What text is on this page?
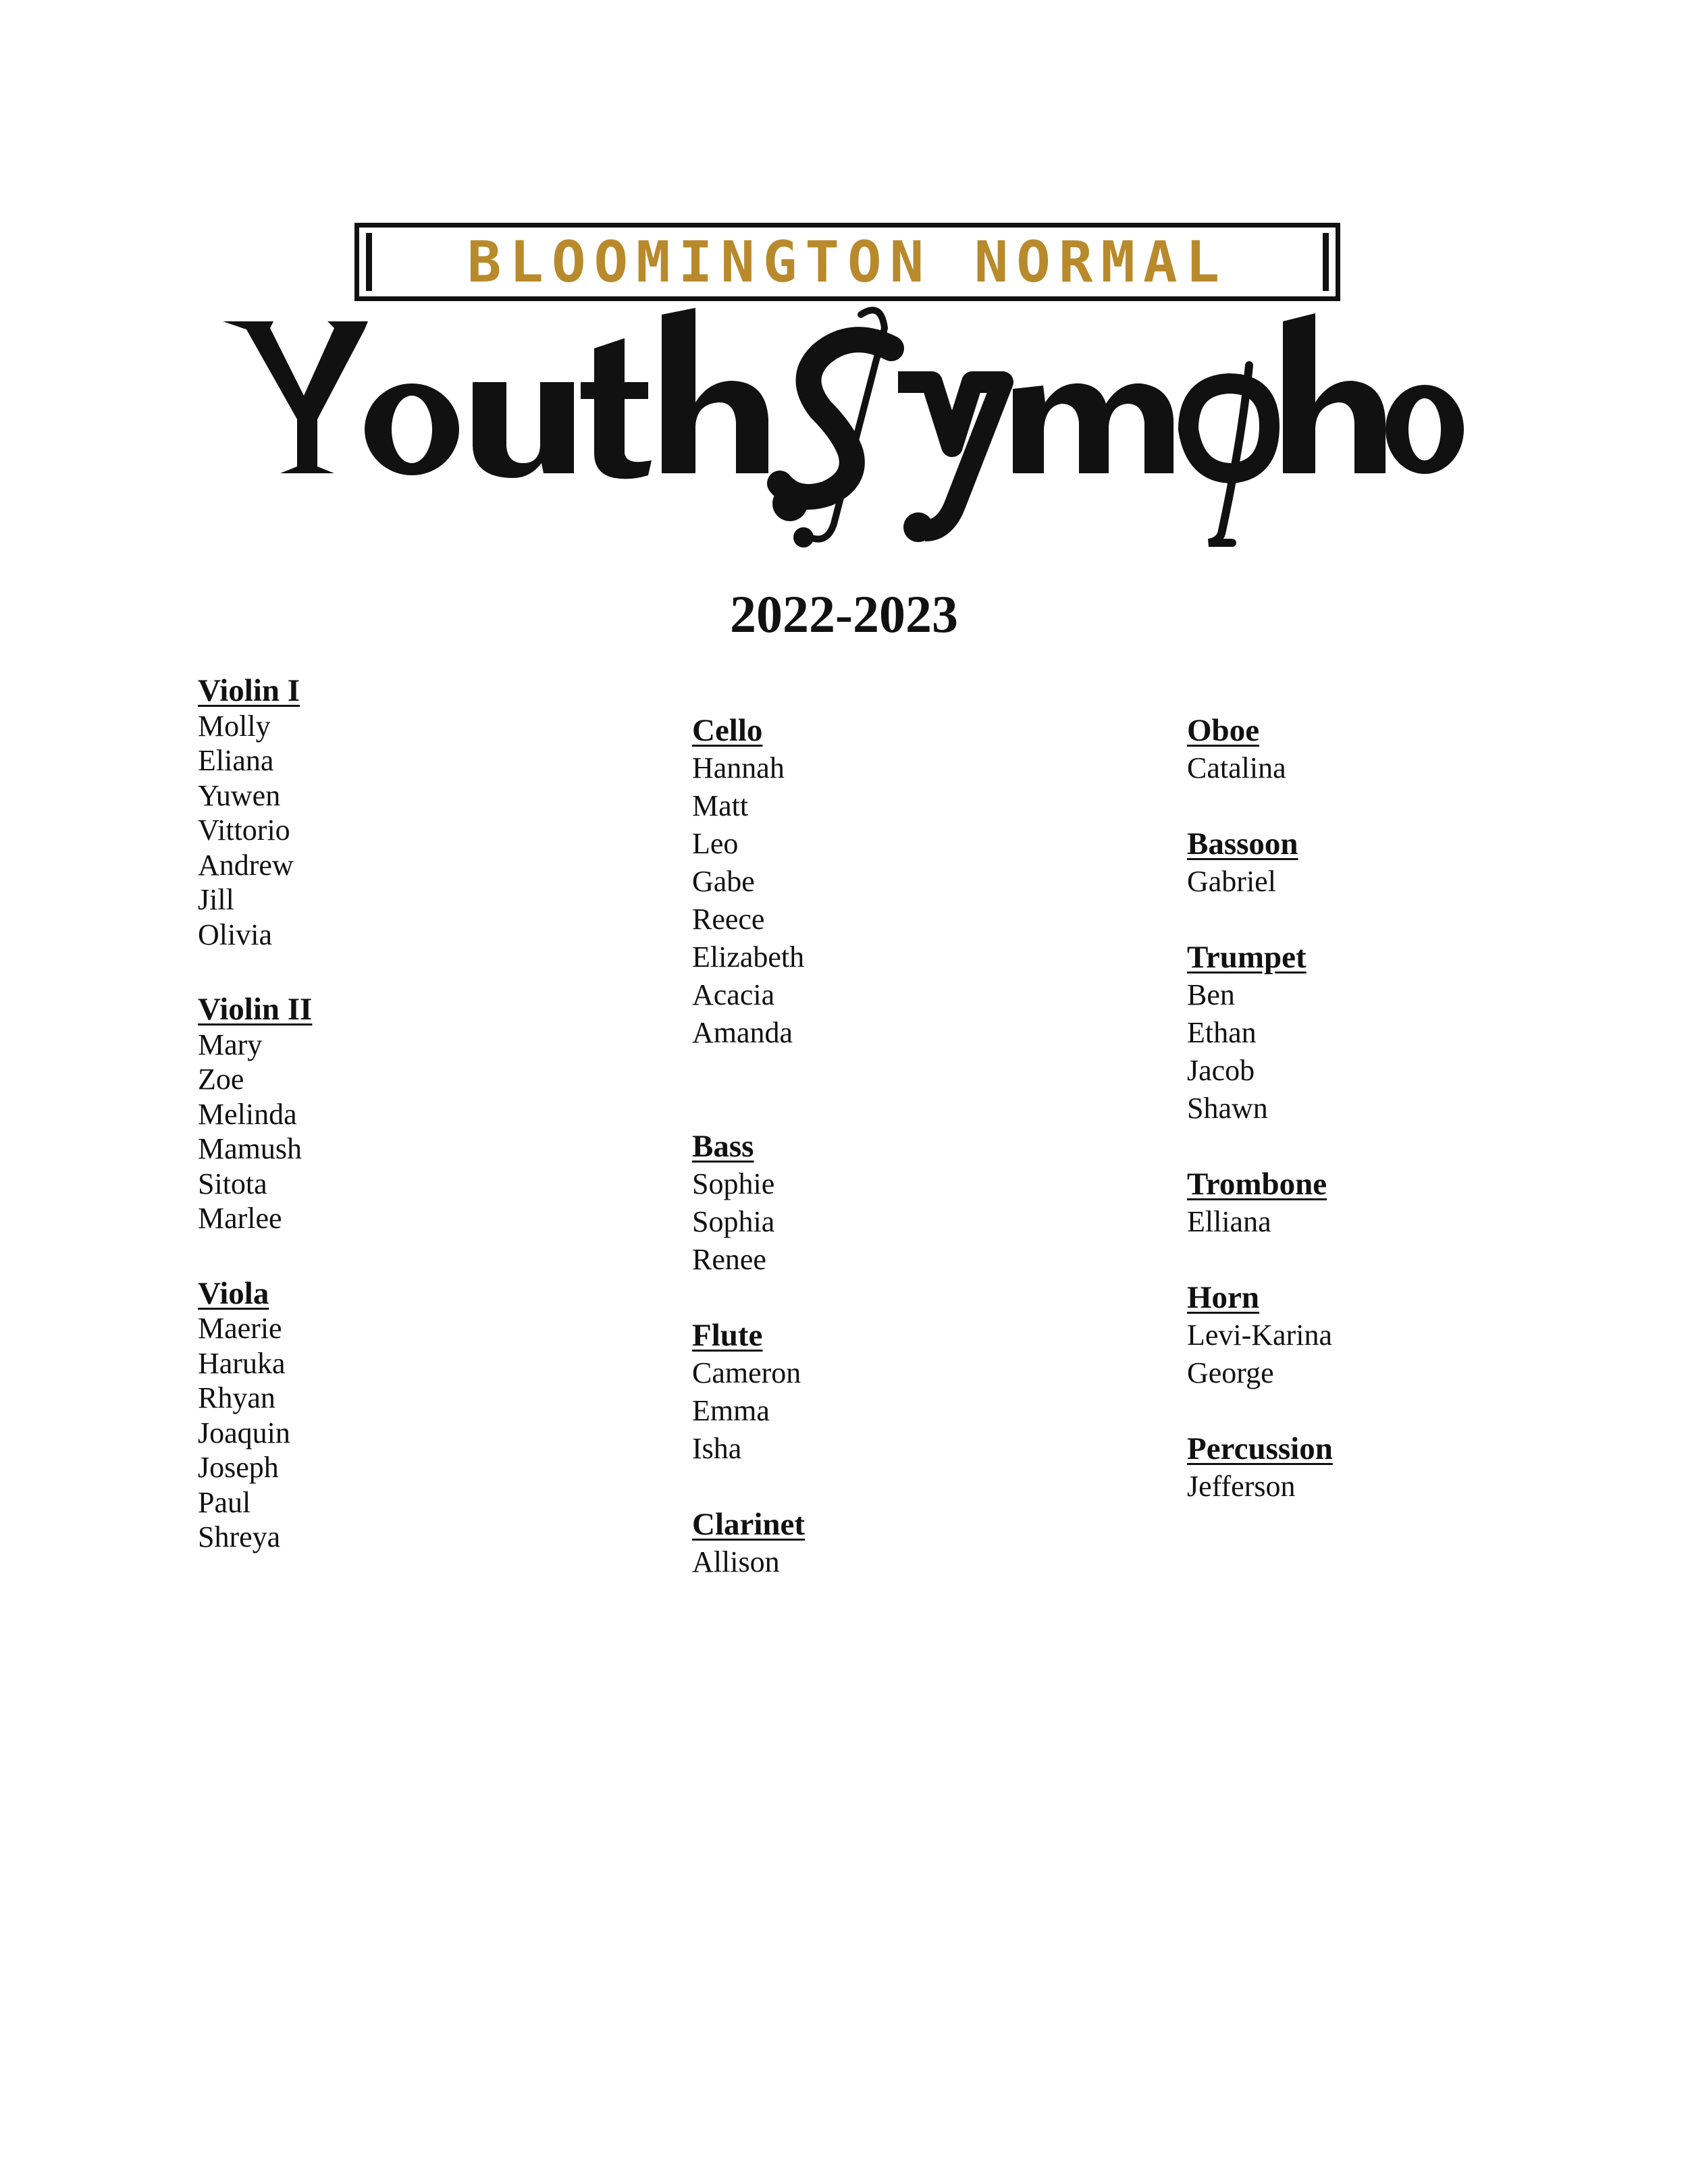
BLOOMINGTON NORMAL
2022-2023
Violin I
Molly
Eliana
Yuwen
Vittorio
Andrew
Jill
Olivia
Violin II
Mary
Zoe
Melinda
Mamush
Sitota
Marlee
Viola
Maerie
Haruka
Rhyan
Joaquin
Joseph
Paul
Shreya
Cello
Hannah
Matt
Leo
Gabe
Reece
Elizabeth
Acacia
Amanda
Bass
Sophie
Sophia
Renee
Flute
Cameron
Emma
Isha
Clarinet
Allison
Oboe
Catalina
Bassoon
Gabriel
Trumpet
Ben
Ethan
Jacob
Shawn
Trombone
Elliana
Horn
Levi-Karina
George
Percussion
Jefferson
